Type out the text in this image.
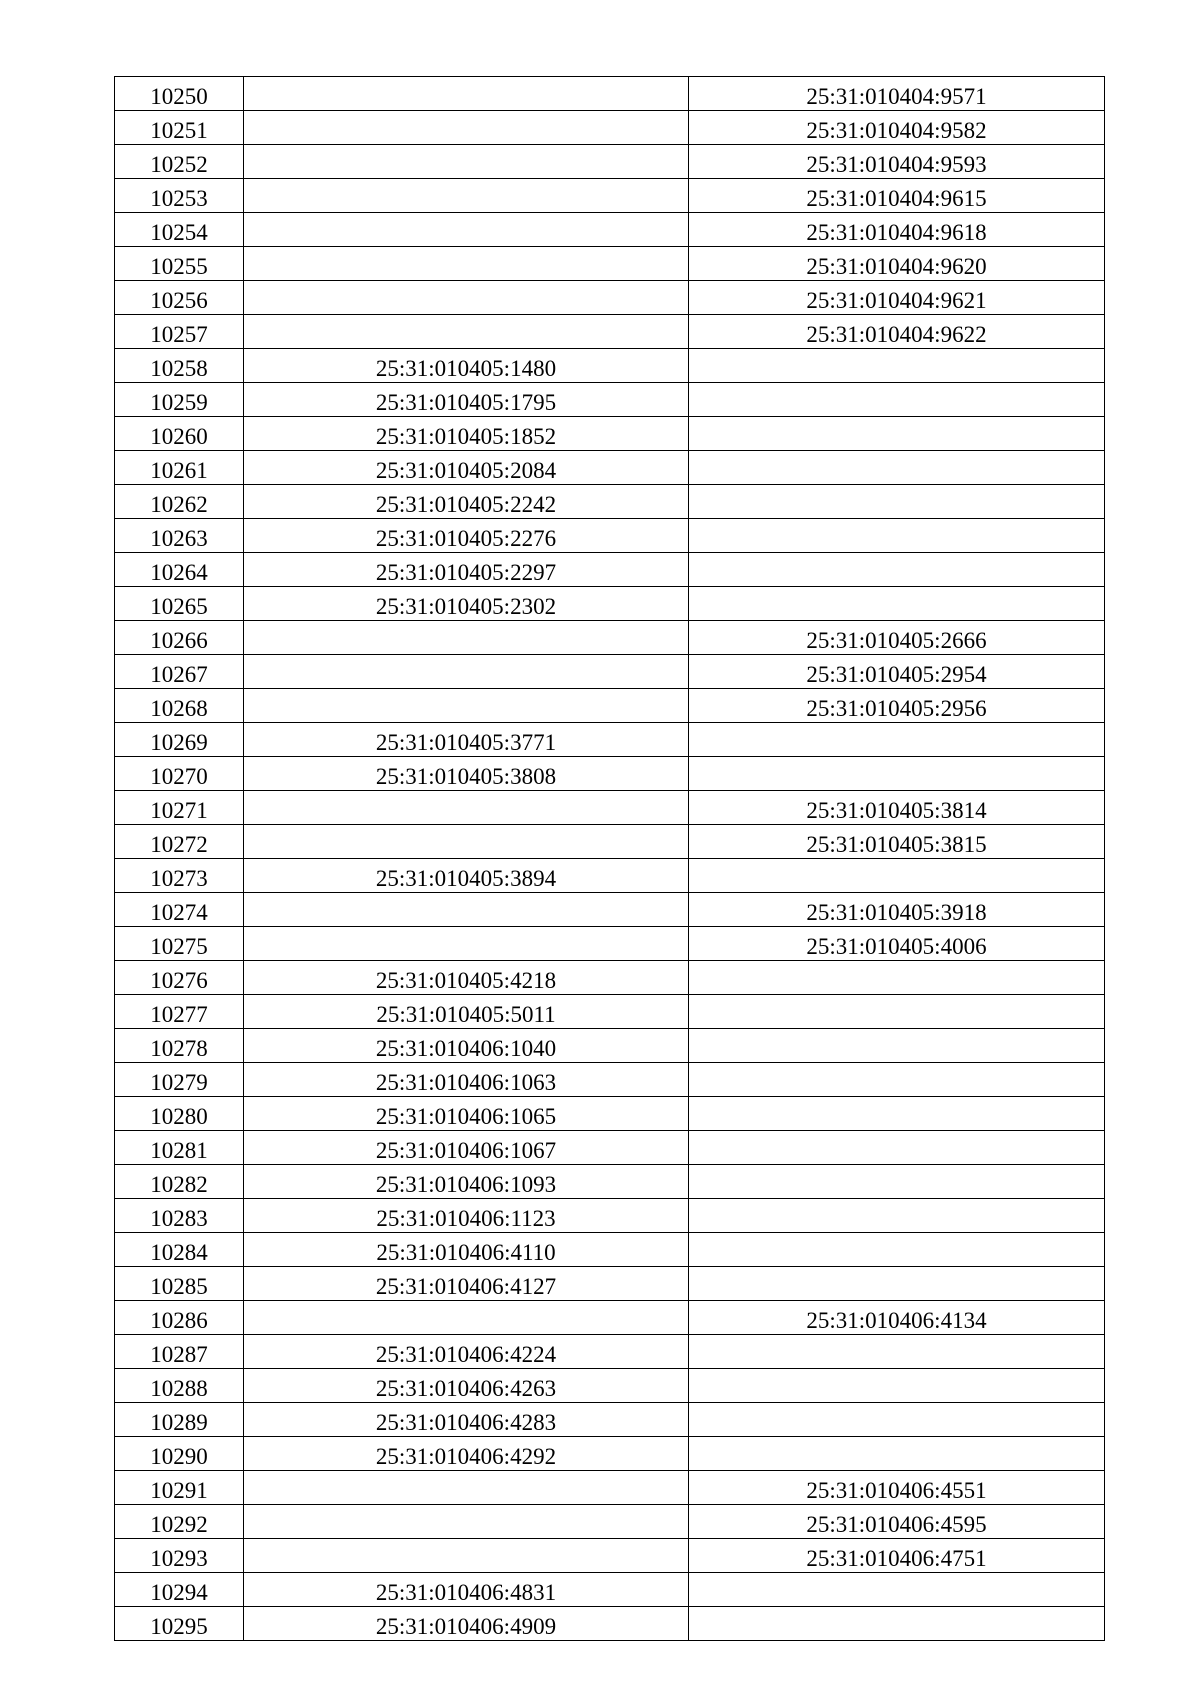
10250		25:31:010404:9571
10251		25:31:010404:9582
10252		25:31:010404:9593
10253		25:31:010404:9615
10254		25:31:010404:9618
10255		25:31:010404:9620
10256		25:31:010404:9621
10257		25:31:010404:9622
10258	25:31:010405:1480	
10259	25:31:010405:1795	
10260	25:31:010405:1852	
10261	25:31:010405:2084	
10262	25:31:010405:2242	
10263	25:31:010405:2276	
10264	25:31:010405:2297	
10265	25:31:010405:2302	
10266		25:31:010405:2666
10267		25:31:010405:2954
10268		25:31:010405:2956
10269	25:31:010405:3771	
10270	25:31:010405:3808	
10271		25:31:010405:3814
10272		25:31:010405:3815
10273	25:31:010405:3894	
10274		25:31:010405:3918
10275		25:31:010405:4006
10276	25:31:010405:4218	
10277	25:31:010405:5011	
10278	25:31:010406:1040	
10279	25:31:010406:1063	
10280	25:31:010406:1065	
10281	25:31:010406:1067	
10282	25:31:010406:1093	
10283	25:31:010406:1123	
10284	25:31:010406:4110	
10285	25:31:010406:4127	
10286		25:31:010406:4134
10287	25:31:010406:4224	
10288	25:31:010406:4263	
10289	25:31:010406:4283	
10290	25:31:010406:4292	
10291		25:31:010406:4551
10292		25:31:010406:4595
10293		25:31:010406:4751
10294	25:31:010406:4831	
10295	25:31:010406:4909	
